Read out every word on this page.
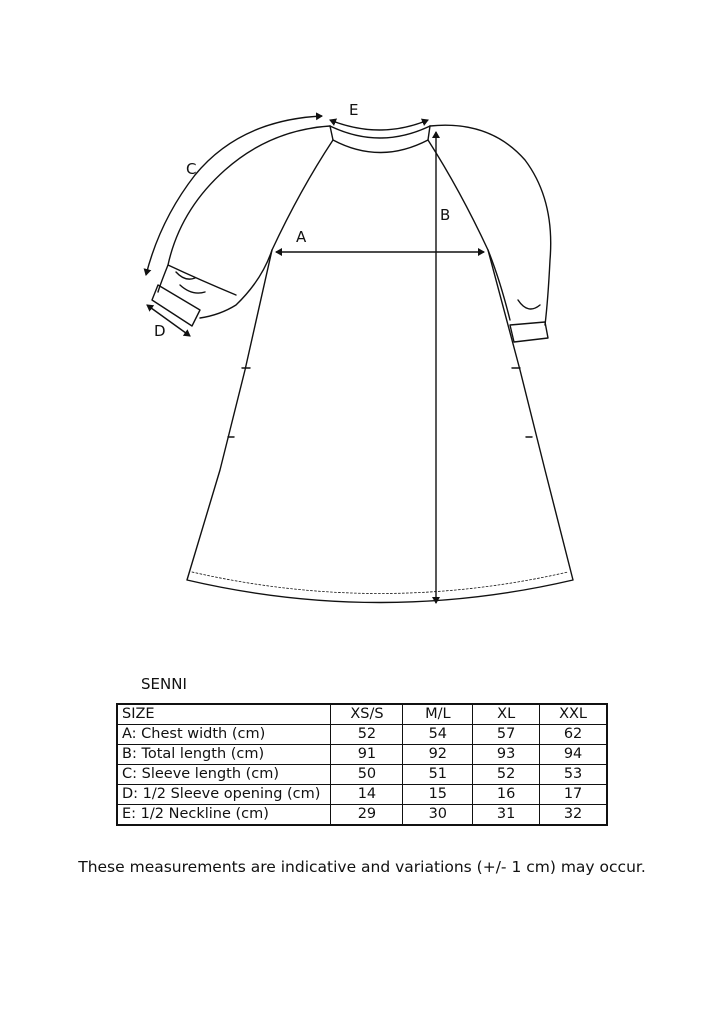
E
C
B
A
D
SENNI
SIZE	XS/S	M/L	XL	XXL
A: Chest width (cm)	52	54	57	62
B: Total length (cm)	91	92	93	94
C: Sleeve length (cm)	50	51	52	53
D: 1/2 Sleeve opening (cm)	14	15	16	17
E: 1/2 Neckline (cm)	29	30	31	32
These measurements are indicative and variations (+/- 1 cm) may occur.
